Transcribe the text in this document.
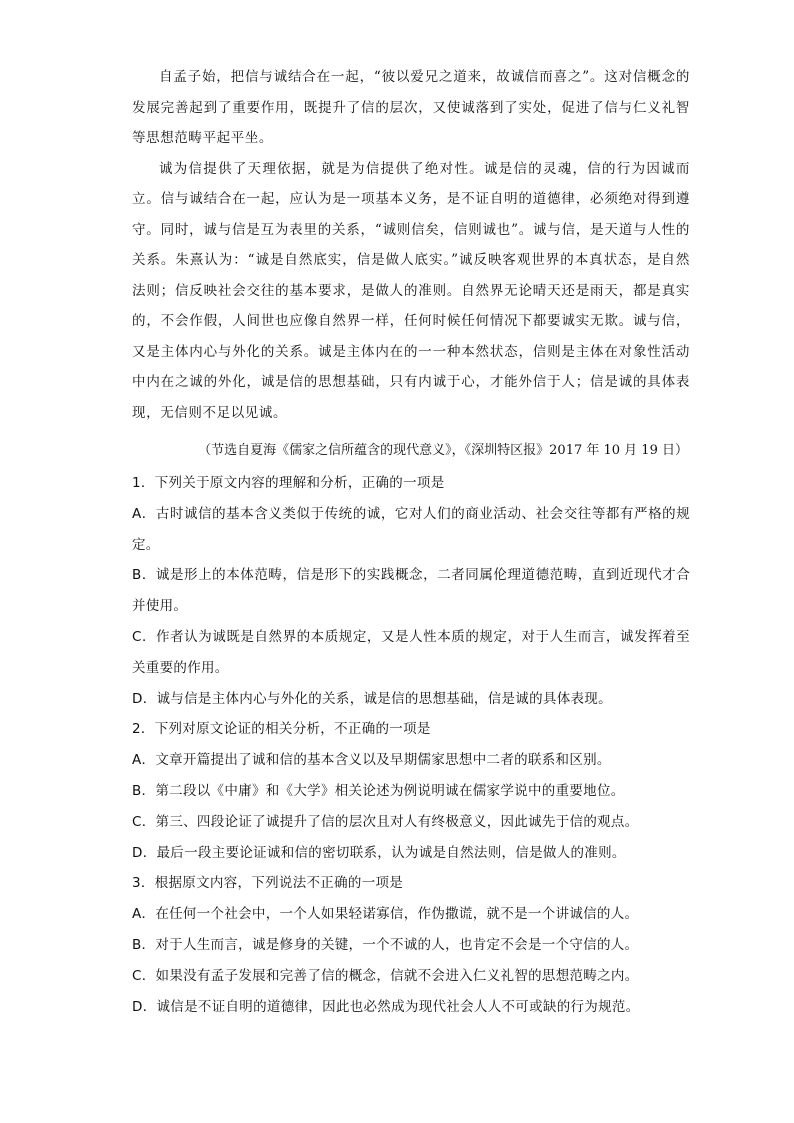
自孟子始，把信与诚结合在一起，“彼以爱兄之道来，故诚信而喜之”。这对信概念的发展完善起到了重要作用，既提升了信的层次，又使诚落到了实处，促进了信与仁义礼智等思想范畴平起平坐。

诚为信提供了天理依据，就是为信提供了绝对性。诚是信的灵魂，信的行为因诚而立。信与诚结合在一起，应认为是一项基本义务，是不证自明的道德律，必须绝对得到遵守。同时，诚与信是互为表里的关系，“诚则信矣，信则诚也”。诚与信，是天道与人性的关系。朱熹认为：“诚是自然底实，信是做人底实。”诚反映客观世界的本真状态，是自然法则；信反映社会交往的基本要求，是做人的准则。自然界无论晴天还是雨天，都是真实的，不会作假，人间世也应像自然界一样，任何时候任何情况下都要诚实无欺。诚与信，又是主体内心与外化的关系。诚是主体内在的一一种本然状态，信则是主体在对象性活动中内在之诚的外化，诚是信的思想基础，只有内诚于心，才能外信于人；信是诚的具体表现，无信则不足以见诚。

（节选自夏海《儒家之信所蕴含的现代意义》，《深圳特区报》2017 年 10 月 19 日）

1．下列关于原文内容的理解和分析，正确的一项是

A．古时诚信的基本含义类似于传统的诚，它对人们的商业活动、社会交往等都有严格的规定。

B．诚是形上的本体范畴，信是形下的实践概念，二者同属伦理道德范畴，直到近现代才合并使用。

C．作者认为诚既是自然界的本质规定，又是人性本质的规定，对于人生而言，诚发挥着至关重要的作用。

D．诚与信是主体内心与外化的关系，诚是信的思想基础，信是诚的具体表现。

2．下列对原文论证的相关分析，不正确的一项是

A．文章开篇提出了诚和信的基本含义以及早期儒家思想中二者的联系和区别。

B．第二段以《中庸》和《大学》相关论述为例说明诚在儒家学说中的重要地位。

C．第三、四段论证了诚提升了信的层次且对人有终极意义，因此诚先于信的观点。

D．最后一段主要论证诚和信的密切联系，认为诚是自然法则，信是做人的准则。

3．根据原文内容，下列说法不正确的一项是

A．在任何一个社会中，一个人如果轻诺寡信，作伪撒谎，就不是一个讲诚信的人。

B．对于人生而言，诚是修身的关键，一个不诚的人，也肯定不会是一个守信的人。

C．如果没有孟子发展和完善了信的概念，信就不会进入仁义礼智的思想范畴之内。

D．诚信是不证自明的道德律，因此也必然成为现代社会人人不可或缺的行为规范。
